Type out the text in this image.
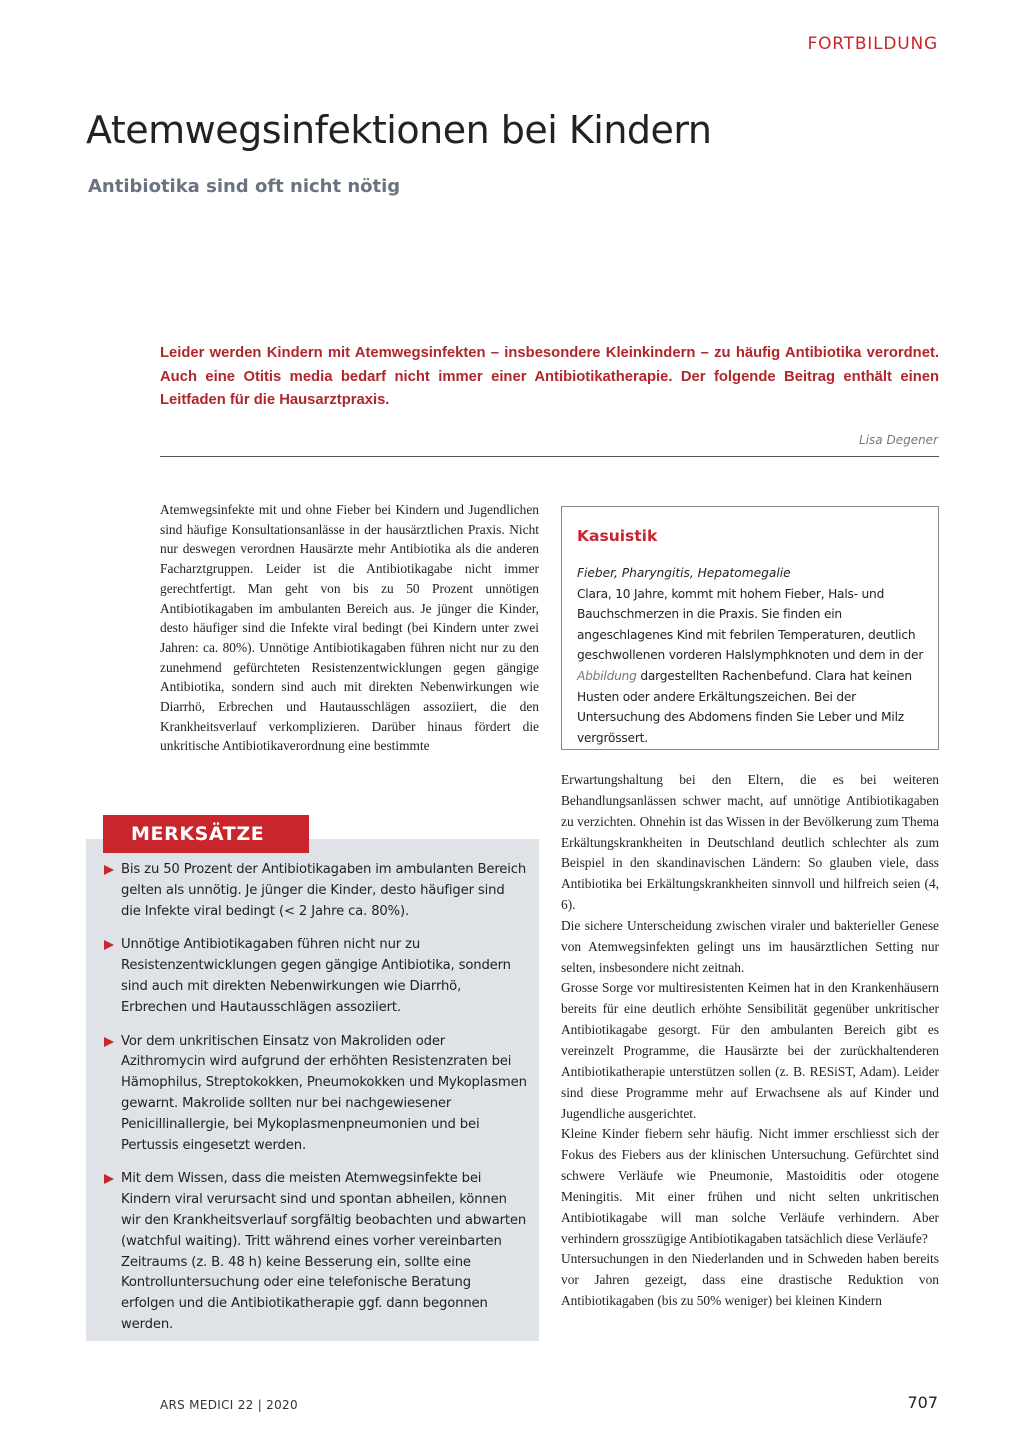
FORTBILDUNG
Atemwegsinfektionen bei Kindern
Antibiotika sind oft nicht nötig

Leider werden Kindern mit Atemwegsinfekten – insbesondere Kleinkindern – zu häufig Antibiotika verordnet. Auch eine Otitis media bedarf nicht immer einer Antibiotikatherapie. Der folgende Beitrag enthält einen Leitfaden für die Hausarztpraxis.

Lisa Degener

Atemwegsinfekte mit und ohne Fieber bei Kindern und Jugendlichen sind häufige Konsultationsanlässe in der hausärztlichen Praxis. Nicht nur deswegen verordnen Hausärzte mehr Antibiotika als die anderen Facharztgruppen. Leider ist die Antibiotikagabe nicht immer gerechtfertigt. Man geht von bis zu 50 Prozent unnötigen Antibiotikagaben im ambulanten Bereich aus. Je jünger die Kinder, desto häufiger sind die Infekte viral bedingt (bei Kindern unter zwei Jahren: ca. 80%). Unnötige Antibiotikagaben führen nicht nur zu den zunehmend gefürchteten Resistenzentwicklungen gegen gängige Antibiotika, sondern sind auch mit direkten Nebenwirkungen wie Diarrhö, Erbrechen und Hautausschlägen assoziiert, die den Krankheitsverlauf verkomplizieren. Darüber hinaus fördert die unkritische Antibiotikaverordnung eine bestimmte

Kasuistik
Fieber, Pharyngitis, Hepatomegalie

Clara, 10 Jahre, kommt mit hohem Fieber, Hals- und Bauchschmerzen in die Praxis. Sie finden ein angeschlagenes Kind mit febrilen Temperaturen, deutlich geschwollenen vorderen Halslymphknoten und dem in der Abbildung dargestellten Rachenbefund. Clara hat keinen Husten oder andere Erkältungszeichen. Bei der Untersuchung des Abdomens finden Sie Leber und Milz vergrössert.

Erwartungshaltung bei den Eltern, die es bei weiteren Behandlungsanlässen schwer macht, auf unnötige Antibiotikagaben zu verzichten. Ohnehin ist das Wissen in der Bevölkerung zum Thema Erkältungskrankheiten in Deutschland deutlich schlechter als zum Beispiel in den skandinavischen Ländern: So glauben viele, dass Antibiotika bei Erkältungskrankheiten sinnvoll und hilfreich seien (4, 6).

Die sichere Unterscheidung zwischen viraler und bakterieller Genese von Atemwegsinfekten gelingt uns im hausärztlichen Setting nur selten, insbesondere nicht zeitnah.

Grosse Sorge vor multiresistenten Keimen hat in den Krankenhäusern bereits für eine deutlich erhöhte Sensibilität gegenüber unkritischer Antibiotikagabe gesorgt. Für den ambulanten Bereich gibt es vereinzelt Programme, die Hausärzte bei der zurückhaltenderen Antibiotikatherapie unterstützen sollen (z. B. RESiST, Adam). Leider sind diese Programme mehr auf Erwachsene als auf Kinder und Jugendliche ausgerichtet.

Kleine Kinder fiebern sehr häufig. Nicht immer erschliesst sich der Fokus des Fiebers aus der klinischen Untersuchung. Gefürchtet sind schwere Verläufe wie Pneumonie, Mastoiditis oder otogene Meningitis. Mit einer frühen und nicht selten unkritischen Antibiotikagabe will man solche Verläufe verhindern. Aber verhindern grosszügige Antibiotikagaben tatsächlich diese Verläufe?

Untersuchungen in den Niederlanden und in Schweden haben bereits vor Jahren gezeigt, dass eine drastische Reduktion von Antibiotikagaben (bis zu 50% weniger) bei kleinen Kindern

MERKSÄTZE
Bis zu 50 Prozent der Antibiotikagaben im ambulanten Bereich gelten als unnötig. Je jünger die Kinder, desto häufiger sind die Infekte viral bedingt (< 2 Jahre ca. 80%).
Unnötige Antibiotikagaben führen nicht nur zu Resistenzentwicklungen gegen gängige Antibiotika, sondern sind auch mit direkten Nebenwirkungen wie Diarrhö, Erbrechen und Hautausschlägen assoziiert.
Vor dem unkritischen Einsatz von Makroliden oder Azithromycin wird aufgrund der erhöhten Resistenzraten bei Hämophilus, Streptokokken, Pneumokokken und Mykoplasmen gewarnt. Makrolide sollten nur bei nachgewiesener Penicillinallergie, bei Mykoplasmenpneumonien und bei Pertussis eingesetzt werden.
Mit dem Wissen, dass die meisten Atemwegsinfekte bei Kindern viral verursacht sind und spontan abheilen, können wir den Krankheitsverlauf sorgfältig beobachten und abwarten (watchful waiting). Tritt während eines vorher vereinbarten Zeitraums (z. B. 48 h) keine Besserung ein, sollte eine Kontrolluntersuchung oder eine telefonische Beratung erfolgen und die Antibiotikatherapie ggf. dann begonnen werden.
ARS MEDICI 22 | 2020	707
